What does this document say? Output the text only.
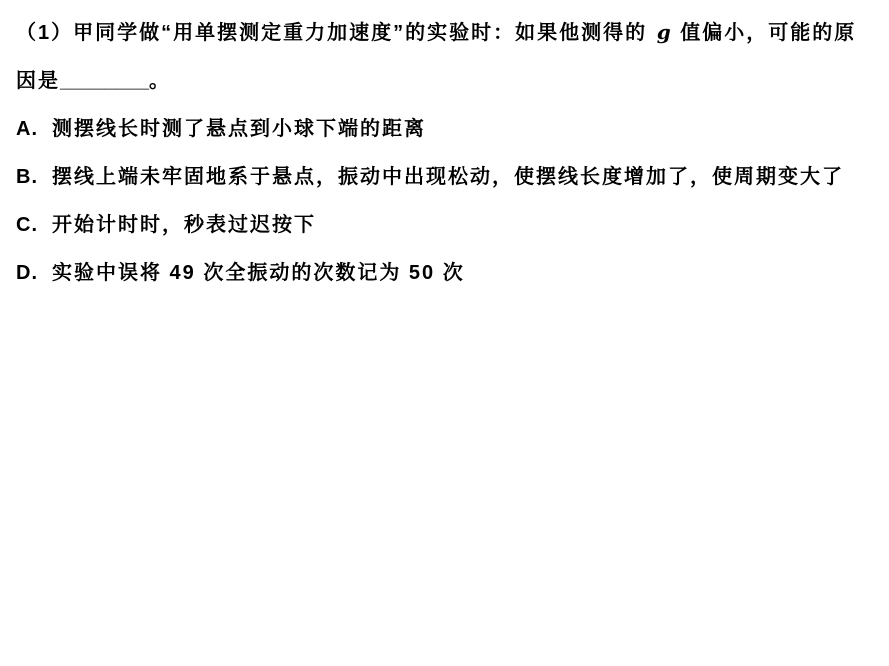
（1）甲同学做“用单摆测定重力加速度”的实验时：如果他测得的 g 值偏小，可能的原

因是________。

A. 测摆线长时测了悬点到小球下端的距离

B. 摆线上端未牢固地系于悬点，振动中出现松动，使摆线长度增加了，使周期变大了

C. 开始计时时，秒表过迟按下

D. 实验中误将 49 次全振动的次数记为 50 次
